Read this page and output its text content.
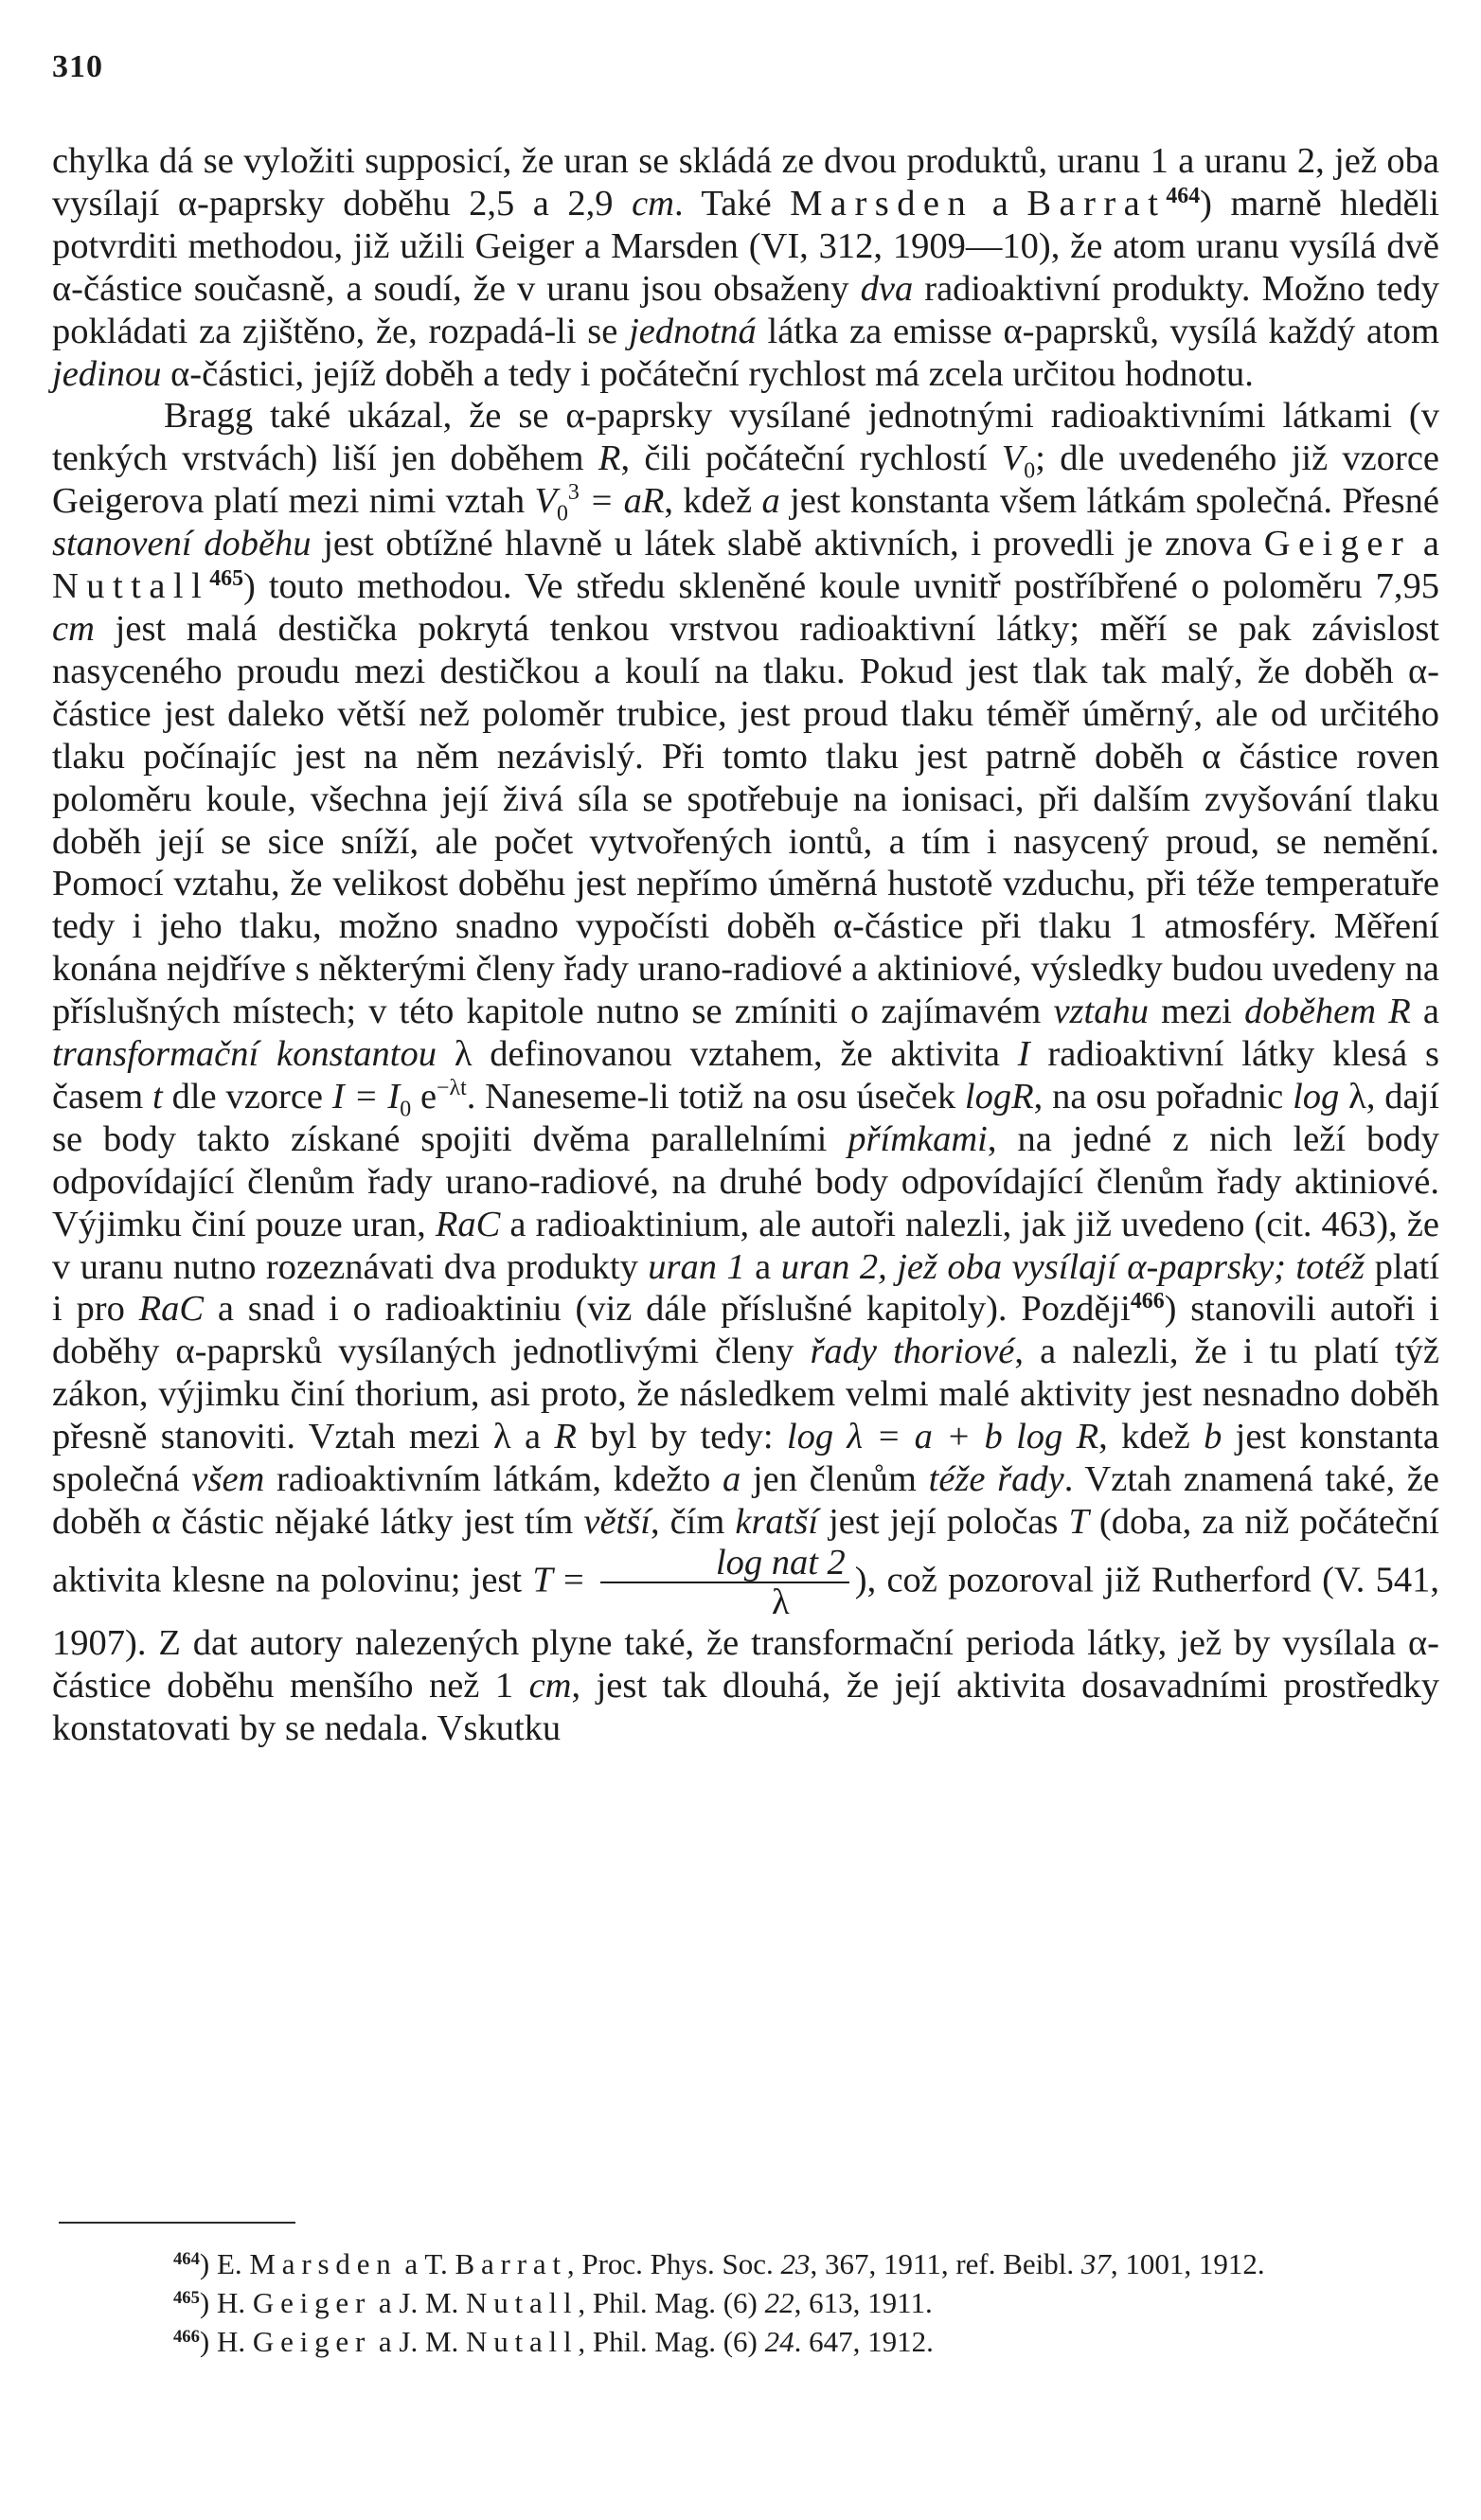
310

chylka dá se vyložiti supposicí, že uran se skládá ze dvou produktů, uranu 1 a uranu 2, jež oba vysílají α-paprsky doběhu 2,5 a 2,9 cm. Také Marsden a Barrat$^{464}$) marně hleděli potvrditi methodou, již užili Geiger a Marsden (VI, 312, 1909—10), že atom uranu vysílá dvě α-částice současně, a soudí, že v uranu jsou obsaženy dva radioaktivní produkty. Možno tedy pokládati za zjištěno, že, rozpadá-li se jednotná látka za emisse α-paprsků, vysílá každý atom jedinou α-částici, jejíž doběh a tedy i počáteční rychlost má zcela určitou hodnotu.

Bragg také ukázal, že se α-paprsky vysílané jednotnými radioaktivními látkami (v tenkých vrstvách) liší jen doběhem R, čili počáteční rychlostí $V_0$; dle uvedeného již vzorce Geigerova platí mezi nimi vztah $V_0^3$ = aR, kdež a jest konstanta všem látkám společná. Přesné stanovení doběhu jest obtížné hlavně u látek slabě aktivních, i provedli je znova Geiger a Nuttall$^{465}$) touto methodou. Ve středu skleněné koule uvnitř postříbřené o poloměru 7,95 cm jest malá destička pokrytá tenkou vrstvou radioaktivní látky; měří se pak závislost nasyceného proudu mezi destičkou a koulí na tlaku. Pokud jest tlak tak malý, že doběh α-částice jest daleko větší než poloměr trubice, jest proud tlaku téměř úměrný, ale od určitého tlaku počínajíc jest na něm nezávislý. Při tomto tlaku jest patrně doběh α částice roven poloměru koule, všechna její živá síla se spotřebuje na ionisaci, při dalším zvyšování tlaku doběh její se sice sníží, ale počet vytvořených iontů, a tím i nasycený proud, se nemění. Pomocí vztahu, že velikost doběhu jest nepřímo úměrná hustotě vzduchu, při téže temperatuře tedy i jeho tlaku, možno snadno vypočísti doběh α-částice při tlaku 1 atmosféry. Měření konána nejdříve s některými členy řady urano-radiové a aktiniové, výsledky budou uvedeny na příslušných místech; v této kapitole nutno se zmíniti o zajímavém vztahu mezi doběhem R a transformační konstantou λ definovanou vztahem, že aktivita I radioaktivní látky klesá s časem t dle vzorce $I = I_0$ $e^{-\lambda t}$. Naneseme-li totiž na osu úseček logR, na osu pořadnic log λ, dají se body takto získané spojiti dvěma parallelními přímkami, na jedné z nich leží body odpovídající členům řady urano-radiové, na druhé body odpovídající členům řady aktiniové. Výjimku činí pouze uran, RaC a radioaktinium, ale autoři nalezli, jak již uvedeno (cit. 463), že v uranu nutno rozeznávati dva produkty uran 1 a uran 2, jež oba vysílají α-paprsky; totéž platí i pro RaC a snad i o radioaktiniu (viz dále příslušné kapitoly). Později$^{466}$) stanovili autoři i doběhy α-paprsků vysílaných jednotlivými členy řady thoriové, a nalezli, že i tu platí týž zákon, výjimku činí thorium, asi proto, že následkem velmi malé aktivity jest nesnadno doběh přesně stanoviti. Vztah mezi λ a R byl by tedy: log λ = a + b log R, kdež b jest konstanta společná všem radioaktivním látkám, kdežto a jen členům téže řady. Vztah znamená také, že doběh α částic nějaké látky jest tím větší, čím kratší jest její poločas T (doba, za niž počáteční aktivita klesne na polovinu; jest $T = \frac{\text{log nat 2}}{\lambda}$ ), což pozoroval již Rutherford (V. 541, 1907). Z dat autory nalezených plyne také, že transformační perioda látky, jež by vysílala α-částice doběhu menšího než 1 cm, jest tak dlouhá, že její aktivita dosavadními prostředky konstatovati by se nedala. Vskutku

$^{464}$) E. Marsden a T. Barrat, Proc. Phys. Soc. 23, 367, 1911, ref. Beibl. 37, 1001, 1912.

$^{465}$) H. Geiger a J. M. Nutall, Phil. Mag. (6) 22, 613, 1911.

$^{466}$) H. Geiger a J. M. Nutall, Phil. Mag. (6) 24. 647, 1912.
